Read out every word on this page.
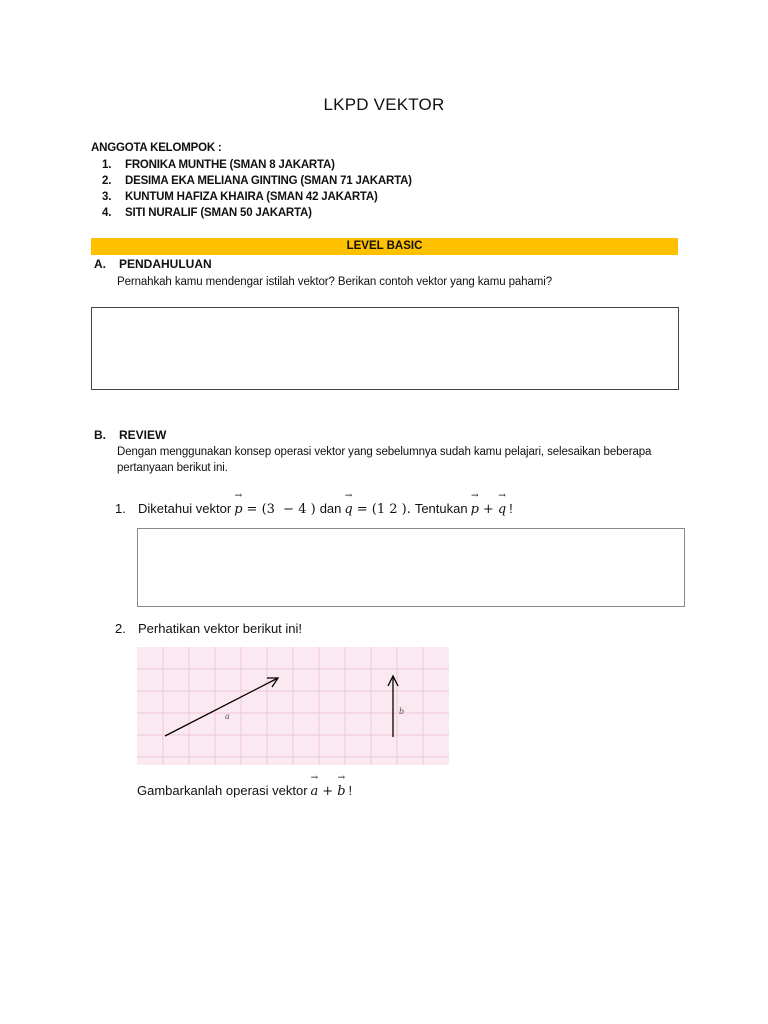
LKPD VEKTOR
ANGGOTA KELOMPOK :
1.	FRONIKA MUNTHE (SMAN 8 JAKARTA)
2.	DESIMA EKA MELIANA GINTING (SMAN 71 JAKARTA)
3.	KUNTUM HAFIZA KHAIRA (SMAN 42 JAKARTA)
4.	SITI NURALIF (SMAN 50 JAKARTA)
LEVEL BASIC
A.	PENDAHULUAN
Pernahkah kamu mendengar istilah vektor? Berikan contoh vektor yang kamu pahami?
B.	REVIEW
Dengan menggunakan konsep operasi vektor yang sebelumnya sudah kamu pelajari, selesaikan beberapa pertanyaan berikut ini.
1. Diketahui vektor → p = (3  − 4 ) dan → q = (1 2 ). Tentukan → p + → q !
2. Perhatikan vektor berikut ini!
a
b
Gambarkanlah operasi vektor → a + → b !
